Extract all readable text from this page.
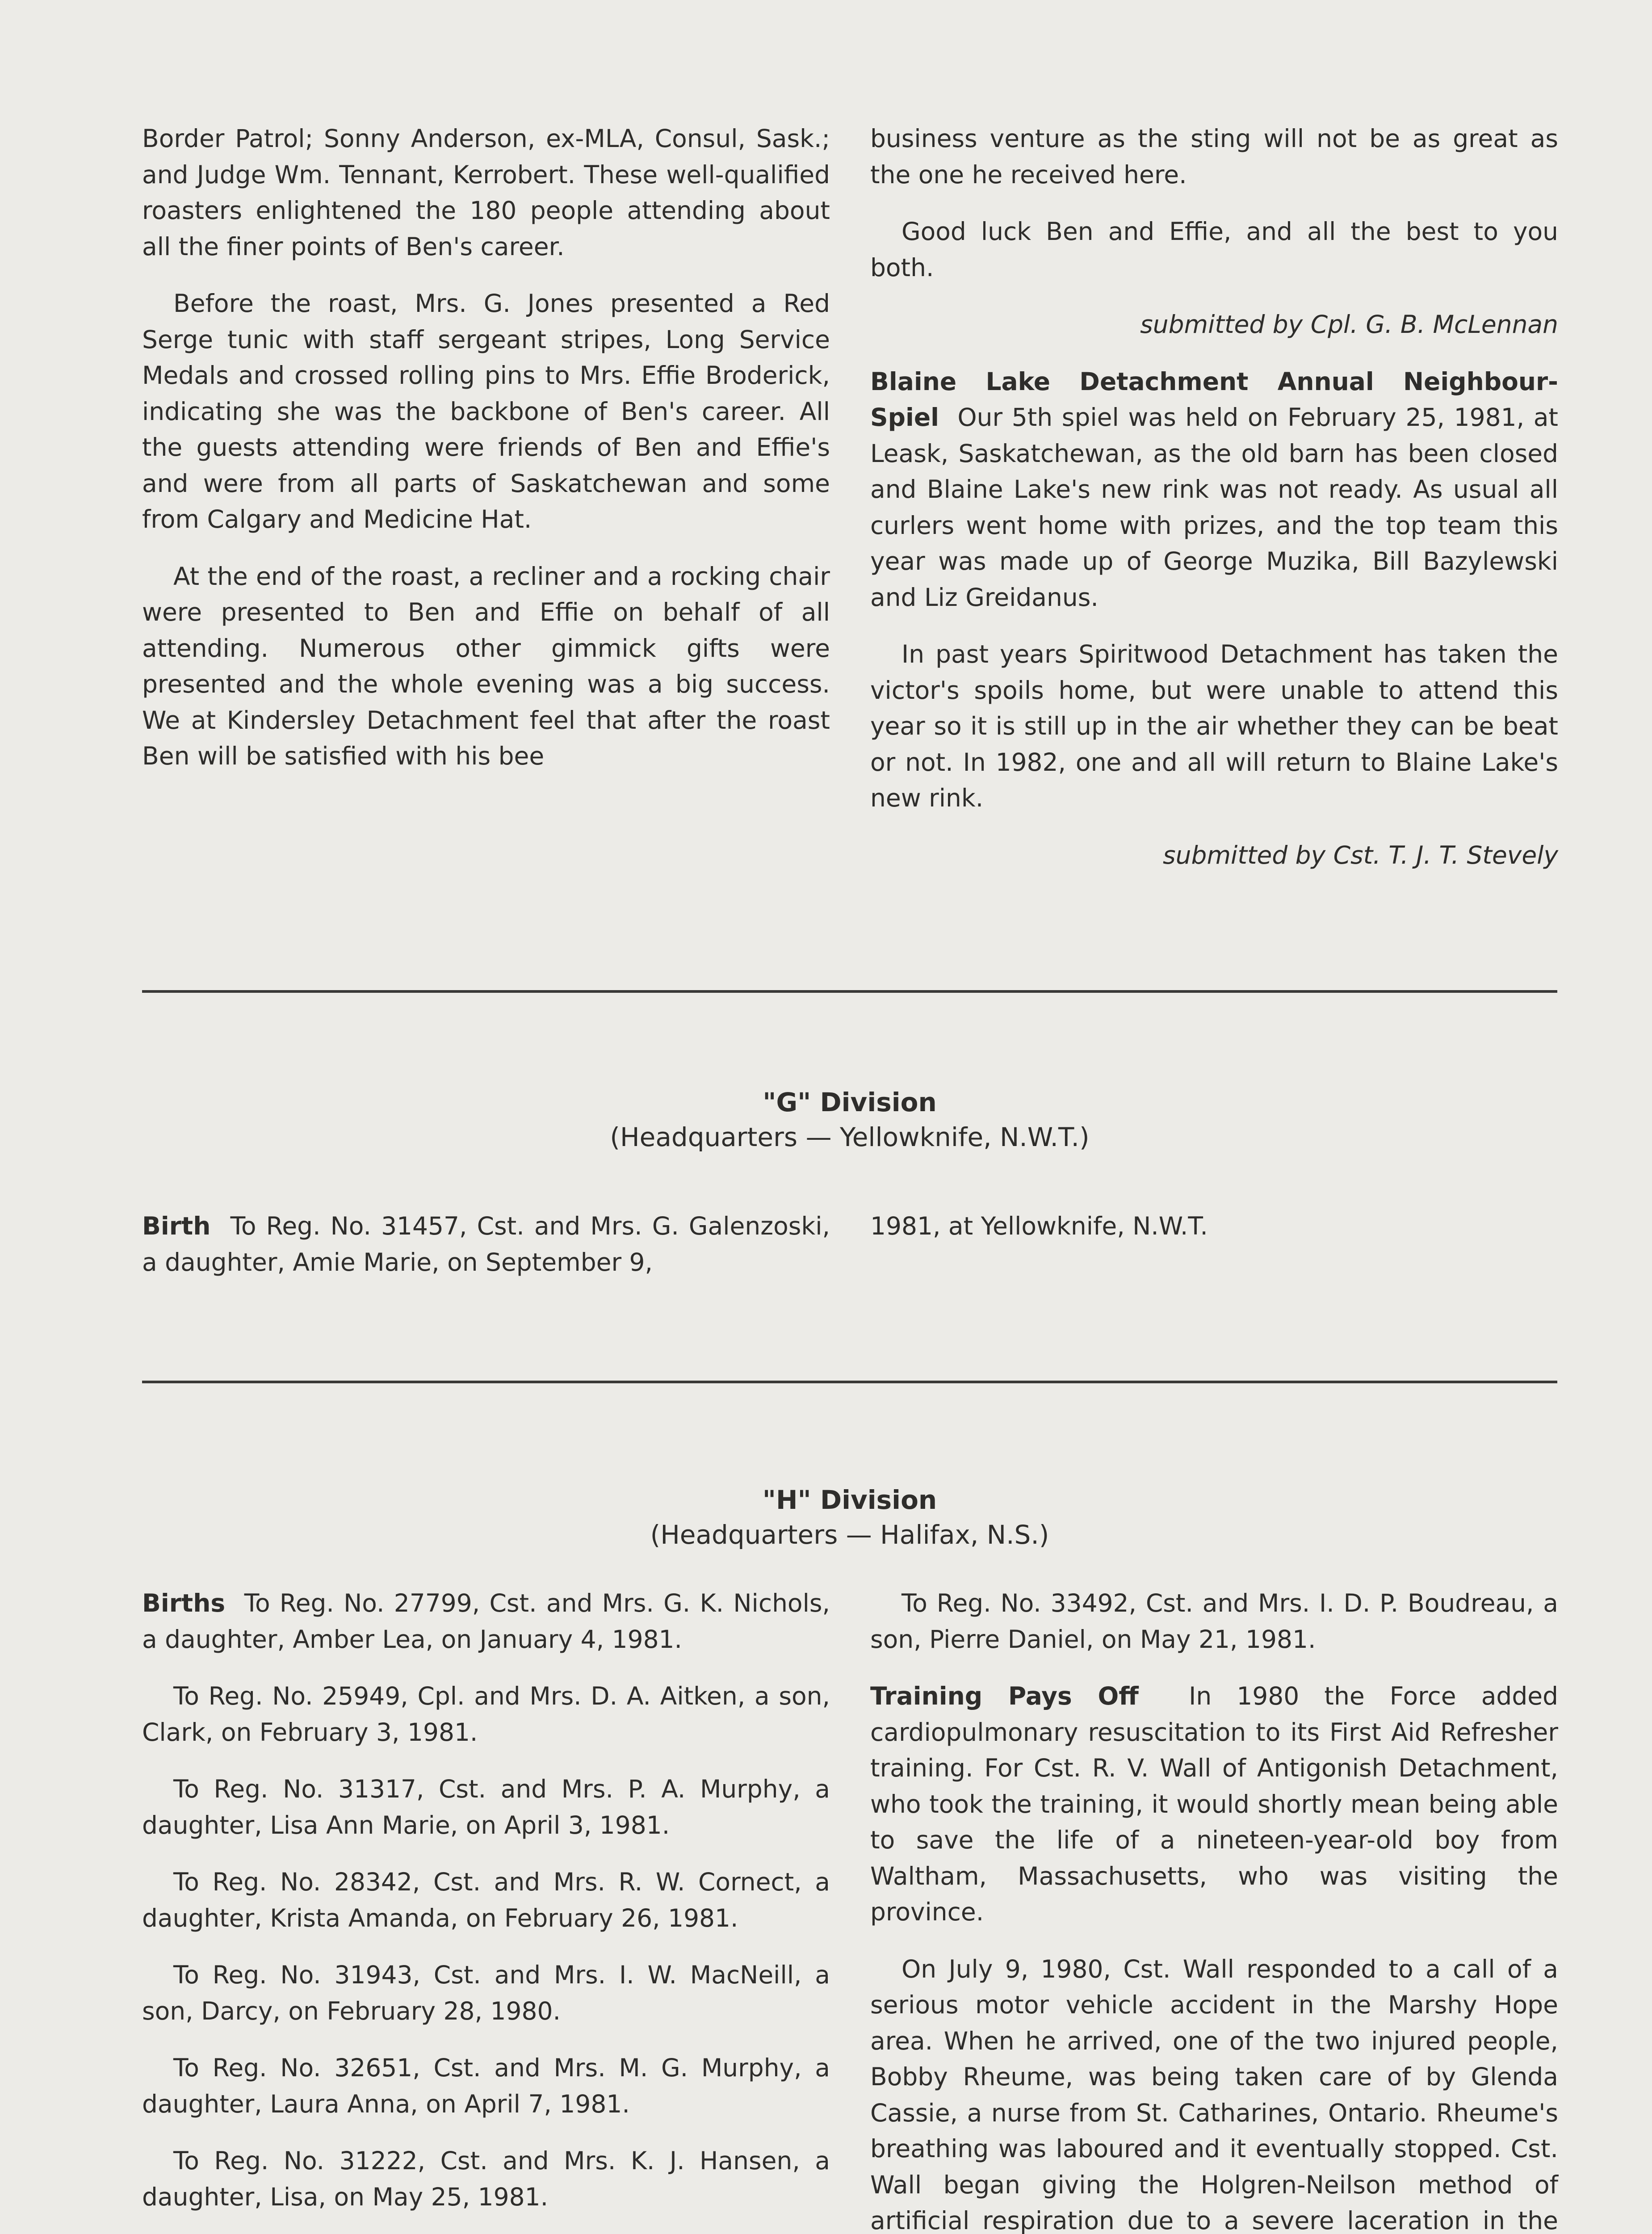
Border Patrol; Sonny Anderson, ex-MLA, Consul, Sask.; and Judge Wm. Tennant, Kerrobert. These well-qualified roasters enlightened the 180 people attending about all the finer points of Ben's career.

Before the roast, Mrs. G. Jones presented a Red Serge tunic with staff sergeant stripes, Long Service Medals and crossed rolling pins to Mrs. Effie Broderick, indicating she was the backbone of Ben's career. All the guests attending were friends of Ben and Effie's and were from all parts of Saskatchewan and some from Calgary and Medicine Hat.

At the end of the roast, a recliner and a rocking chair were presented to Ben and Effie on behalf of all attending. Numerous other gimmick gifts were presented and the whole evening was a big success. We at Kindersley Detachment feel that after the roast Ben will be satisfied with his bee

business venture as the sting will not be as great as the one he received here.

Good luck Ben and Effie, and all the best to you both.

submitted by Cpl. G. B. McLennan

Blaine Lake Detachment Annual Neighbour-Spiel Our 5th spiel was held on February 25, 1981, at Leask, Saskatchewan, as the old barn has been closed and Blaine Lake's new rink was not ready. As usual all curlers went home with prizes, and the top team this year was made up of George Muzika, Bill Bazylewski and Liz Greidanus.

In past years Spiritwood Detachment has taken the victor's spoils home, but were unable to attend this year so it is still up in the air whether they can be beat or not. In 1982, one and all will return to Blaine Lake's new rink.

submitted by Cst. T. J. T. Stevely

"G" Division
(Headquarters — Yellowknife, N.W.T.)

Birth To Reg. No. 31457, Cst. and Mrs. G. Galenzoski, a daughter, Amie Marie, on September 9,

1981, at Yellowknife, N.W.T.

"H" Division
(Headquarters — Halifax, N.S.)

Births To Reg. No. 27799, Cst. and Mrs. G. K. Nichols, a daughter, Amber Lea, on January 4, 1981.

To Reg. No. 25949, Cpl. and Mrs. D. A. Aitken, a son, Clark, on February 3, 1981.

To Reg. No. 31317, Cst. and Mrs. P. A. Murphy, a daughter, Lisa Ann Marie, on April 3, 1981.

To Reg. No. 28342, Cst. and Mrs. R. W. Cornect, a daughter, Krista Amanda, on February 26, 1981.

To Reg. No. 31943, Cst. and Mrs. I. W. MacNeill, a son, Darcy, on February 28, 1980.

To Reg. No. 32651, Cst. and Mrs. M. G. Murphy, a daughter, Laura Anna, on April 7, 1981.

To Reg. No. 31222, Cst. and Mrs. K. J. Hansen, a daughter, Lisa, on May 25, 1981.

To Reg. No. 33492, Cst. and Mrs. I. D. P. Boudreau, a son, Pierre Daniel, on May 21, 1981.

Training Pays Off In 1980 the Force added cardiopulmonary resuscitation to its First Aid Refresher training. For Cst. R. V. Wall of Antigonish Detachment, who took the training, it would shortly mean being able to save the life of a nineteen-year-old boy from Waltham, Massachusetts, who was visiting the province.

On July 9, 1980, Cst. Wall responded to a call of a serious motor vehicle accident in the Marshy Hope area. When he arrived, one of the two injured people, Bobby Rheume, was being taken care of by Glenda Cassie, a nurse from St. Catharines, Ontario. Rheume's breathing was laboured and it eventually stopped. Cst. Wall began giving the Holgren-Neilson method of artificial respiration due to a severe laceration in the
